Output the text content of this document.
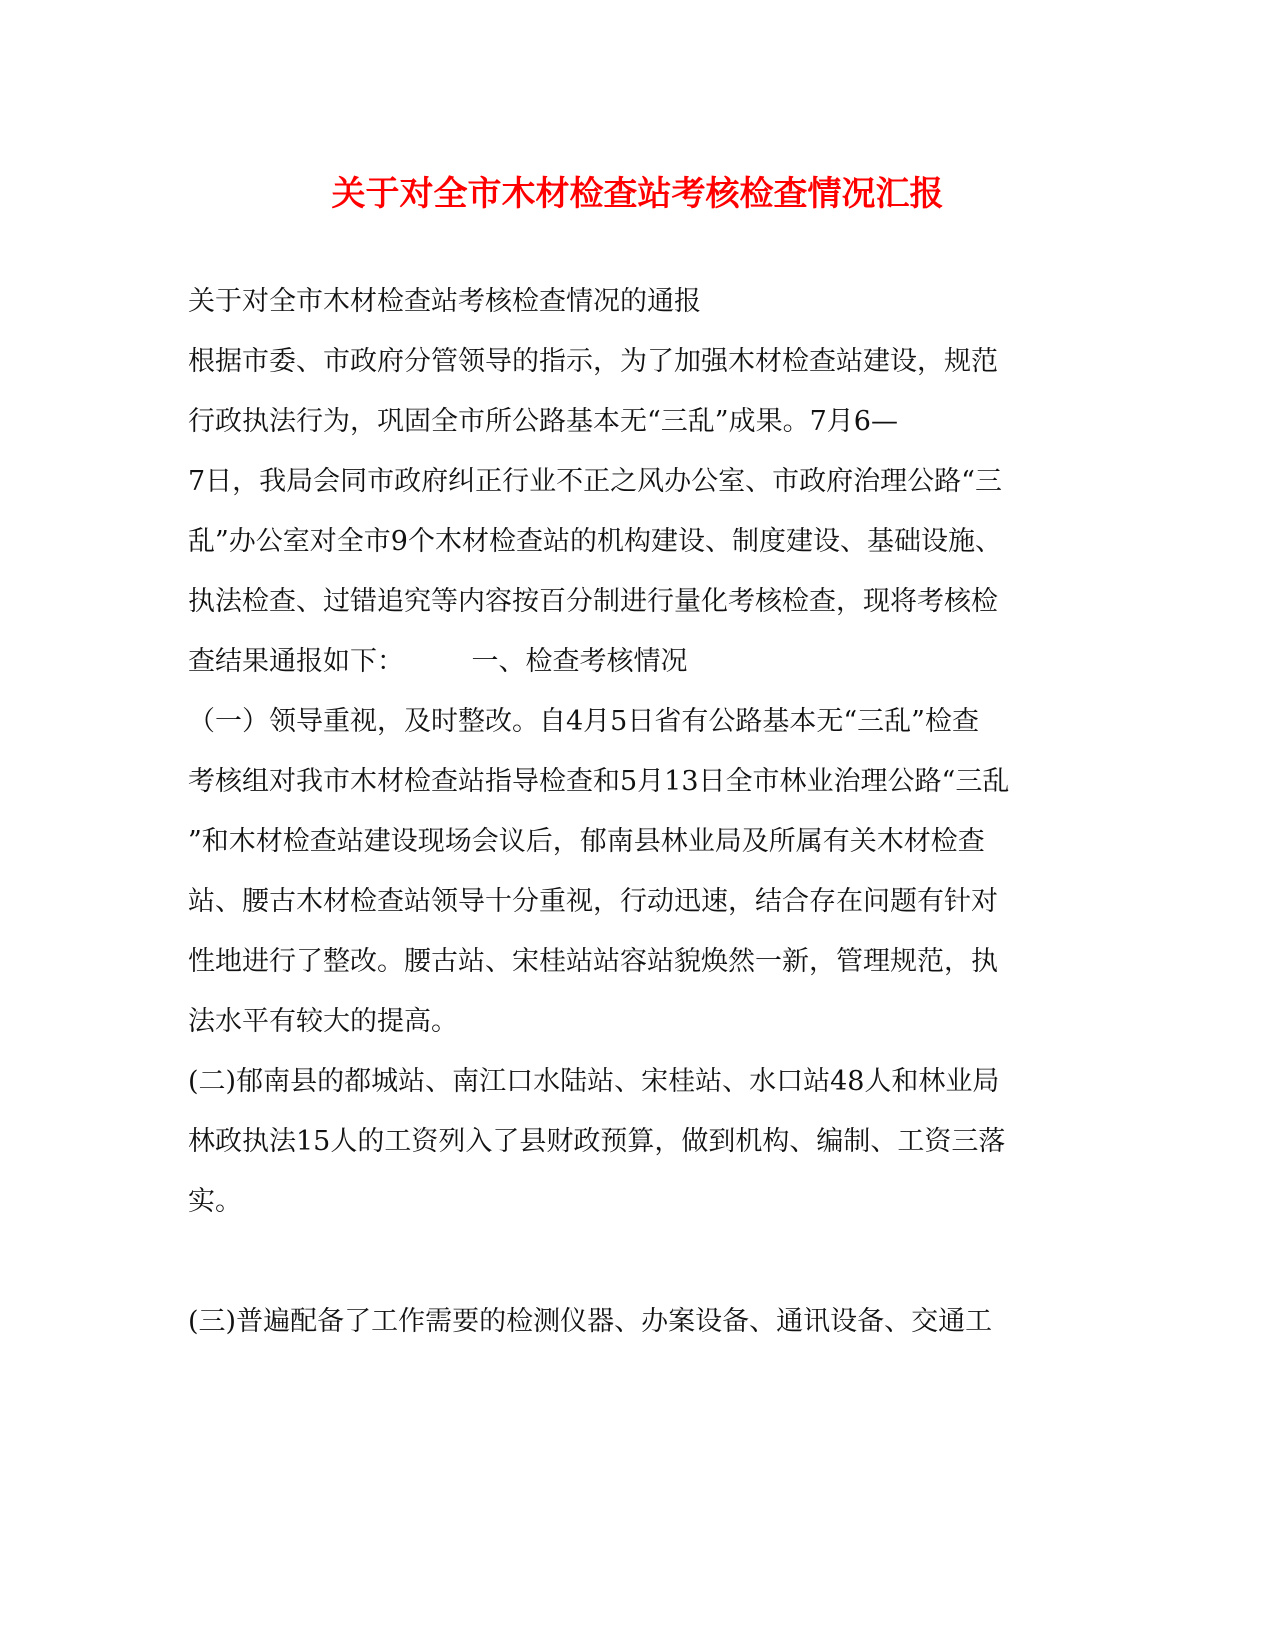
关于对全市木材检查站考核检查情况汇报

关于对全市木材检查站考核检查情况的通报

根据市委、市政府分管领导的指示，为了加强木材检查站建设，规范

行政执法行为，巩固全市所公路基本无“三乱”成果。7月6—

7日，我局会同市政府纠正行业不正之风办公室、市政府治理公路“三

乱”办公室对全市9个木材检查站的机构建设、制度建设、基础设施、

执法检查、过错追究等内容按百分制进行量化考核检查，现将考核检

查结果通报如下：　　　一、检查考核情况

（一）领导重视，及时整改。自4月5日省有公路基本无“三乱”检查

考核组对我市木材检查站指导检查和5月13日全市林业治理公路“三乱

”和木材检查站建设现场会议后，郁南县林业局及所属有关木材检查

站、腰古木材检查站领导十分重视，行动迅速，结合存在问题有针对

性地进行了整改。腰古站、宋桂站站容站貌焕然一新，管理规范，执

法水平有较大的提高。

(二)郁南县的都城站、南江口水陆站、宋桂站、水口站48人和林业局

林政执法15人的工资列入了县财政预算，做到机构、编制、工资三落

实。

(三)普遍配备了工作需要的检测仪器、办案设备、通讯设备、交通工
